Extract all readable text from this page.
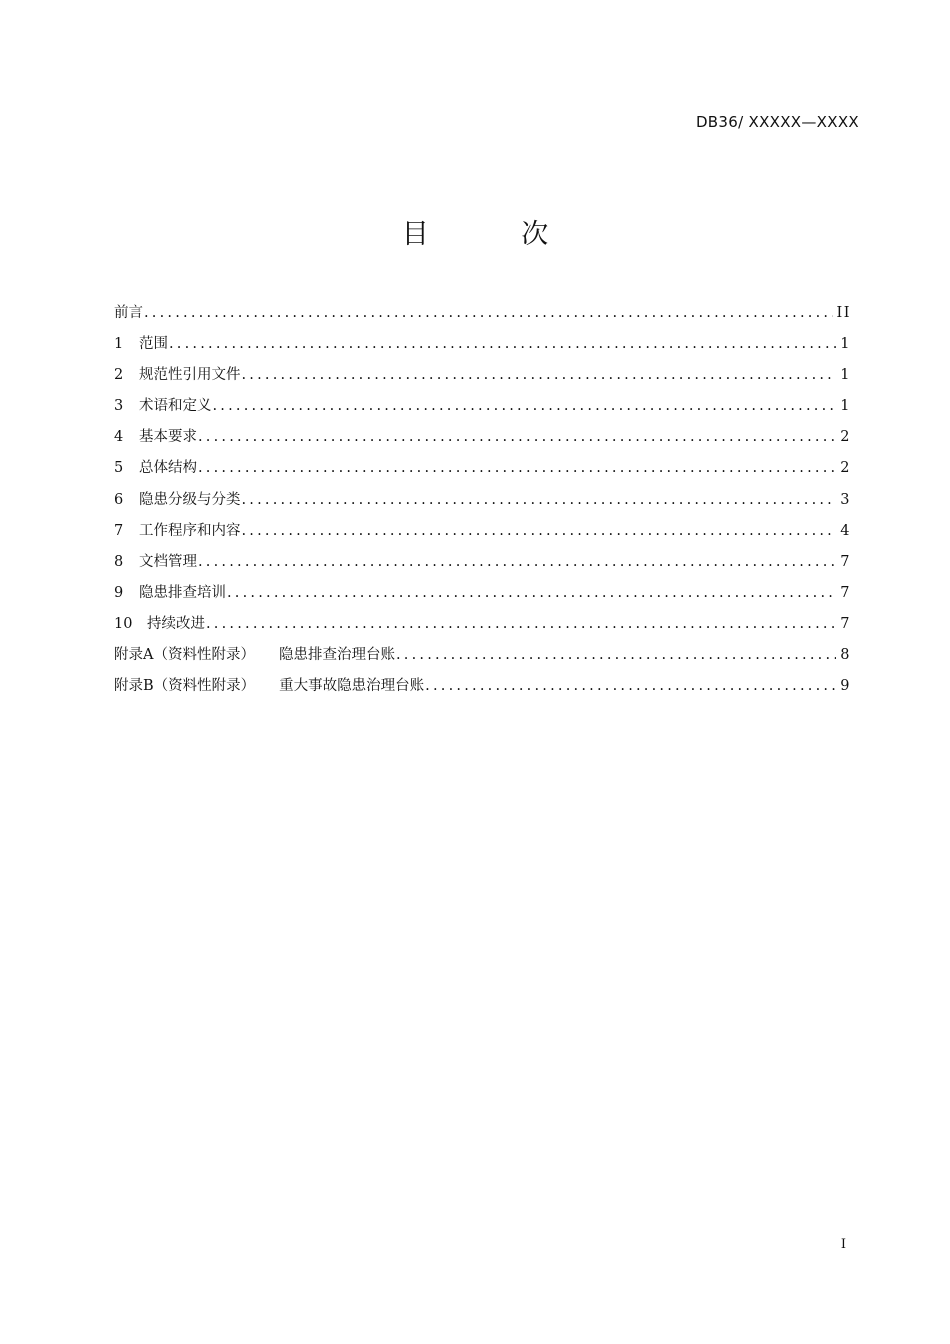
DB36/ XXXXX—XXXX
目 次
前言 .....	II
1	范围 .....	1
2	规范性引用文件 .....	1
3	术语和定义 .....	1
4	基本要求 .....	2
5	总体结构 .....	2
6	隐患分级与分类 .....	3
7	工作程序和内容 .....	4
8	文档管理 .....	7
9	隐患排查培训 .....	7
10	持续改进 .....	7
附录A（资料性附录） 隐患排查治理台账 .....	8
附录B（资料性附录） 重大事故隐患治理台账 .....	9
I
